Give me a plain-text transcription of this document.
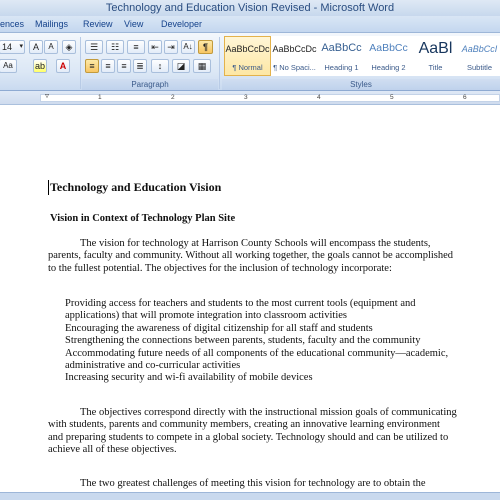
Technology and Education Vision Revised - Microsoft Word
ences Mailings Review View Developer
14 ▾	A	A	◈
Aa	ab	A
☰	☷	≡	⇤ ⇥	A↓	¶
≡	≡	≡	≣	↕	◪	▦
Paragraph
AaBbCcDc
¶ Normal
AaBbCcDc
¶ No Spaci...
AaBbCc
Heading 1
AaBbCc
Heading 2
AaBl
Title
AaBbCcI
Subtitle
Styles
1	2	3	4	5	6
▿
Technology and Education Vision
Vision in Context of Technology Plan Site
The vision for technology at Harrison County Schools will encompass the students,
parents, faculty and community. Without all working together, the goals cannot be accomplished
to the fullest potential. The objectives for the inclusion of technology incorporate:
Providing access for teachers and students to the most current tools (equipment and
applications) that will promote integration into classroom activities
Encouraging the awareness of digital citizenship for all staff and students
Strengthening the connections between parents, students, faculty and the community
Accommodating future needs of all components of the educational community—academic,
administrative and co-curricular activities
Increasing security and wi-fi availability of mobile devices
The objectives correspond directly with the instructional mission goals of communicating
with students, parents and community members, creating an innovative learning environment
and preparing students to compete in a global society. Technology should and can be utilized to
achieve all of these objectives.
The two greatest challenges of meeting this vision for technology are to obtain the
